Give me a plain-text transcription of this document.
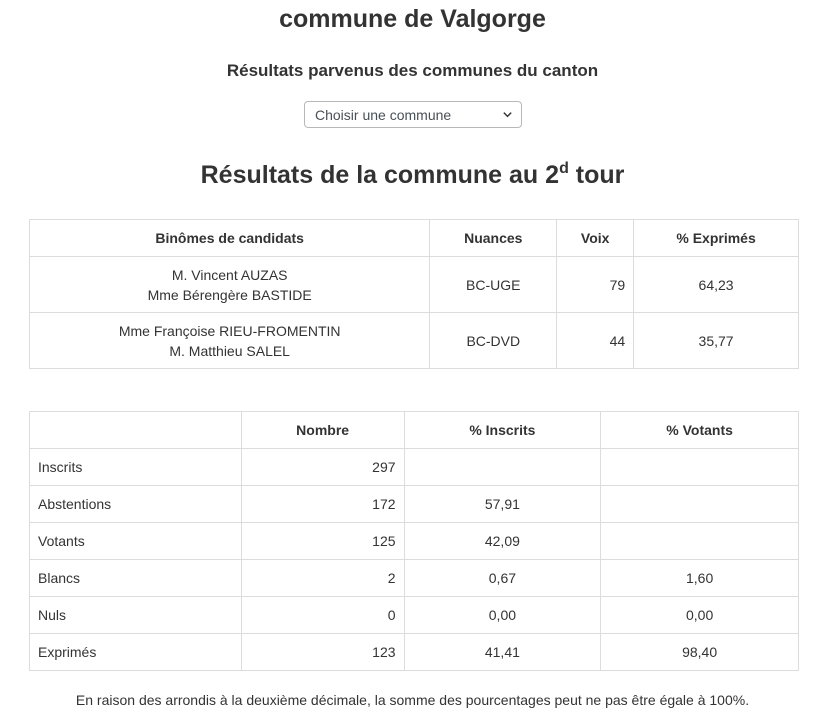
commune de Valgorge
Résultats parvenus des communes du canton
Choisir une commune
Résultats de la commune au 2$^d$ tour
Binômes de candidats	Nuances	Voix	% Exprimés

M. Vincent AUZAS
Mme Bérengère BASTIDE	BC-UGE	79	64,23

Mme Françoise RIEU-FROMENTIN
M. Matthieu SALEL	BC-DVD	44	35,77
	Nombre	% Inscrits	% Votants
Inscrits	297		
Abstentions	172	57,91	
Votants	125	42,09	
Blancs	2	0,67	1,60
Nuls	0	0,00	0,00
Exprimés	123	41,41	98,40
En raison des arrondis à la deuxième décimale, la somme des pourcentages peut ne pas être égale à 100%.
